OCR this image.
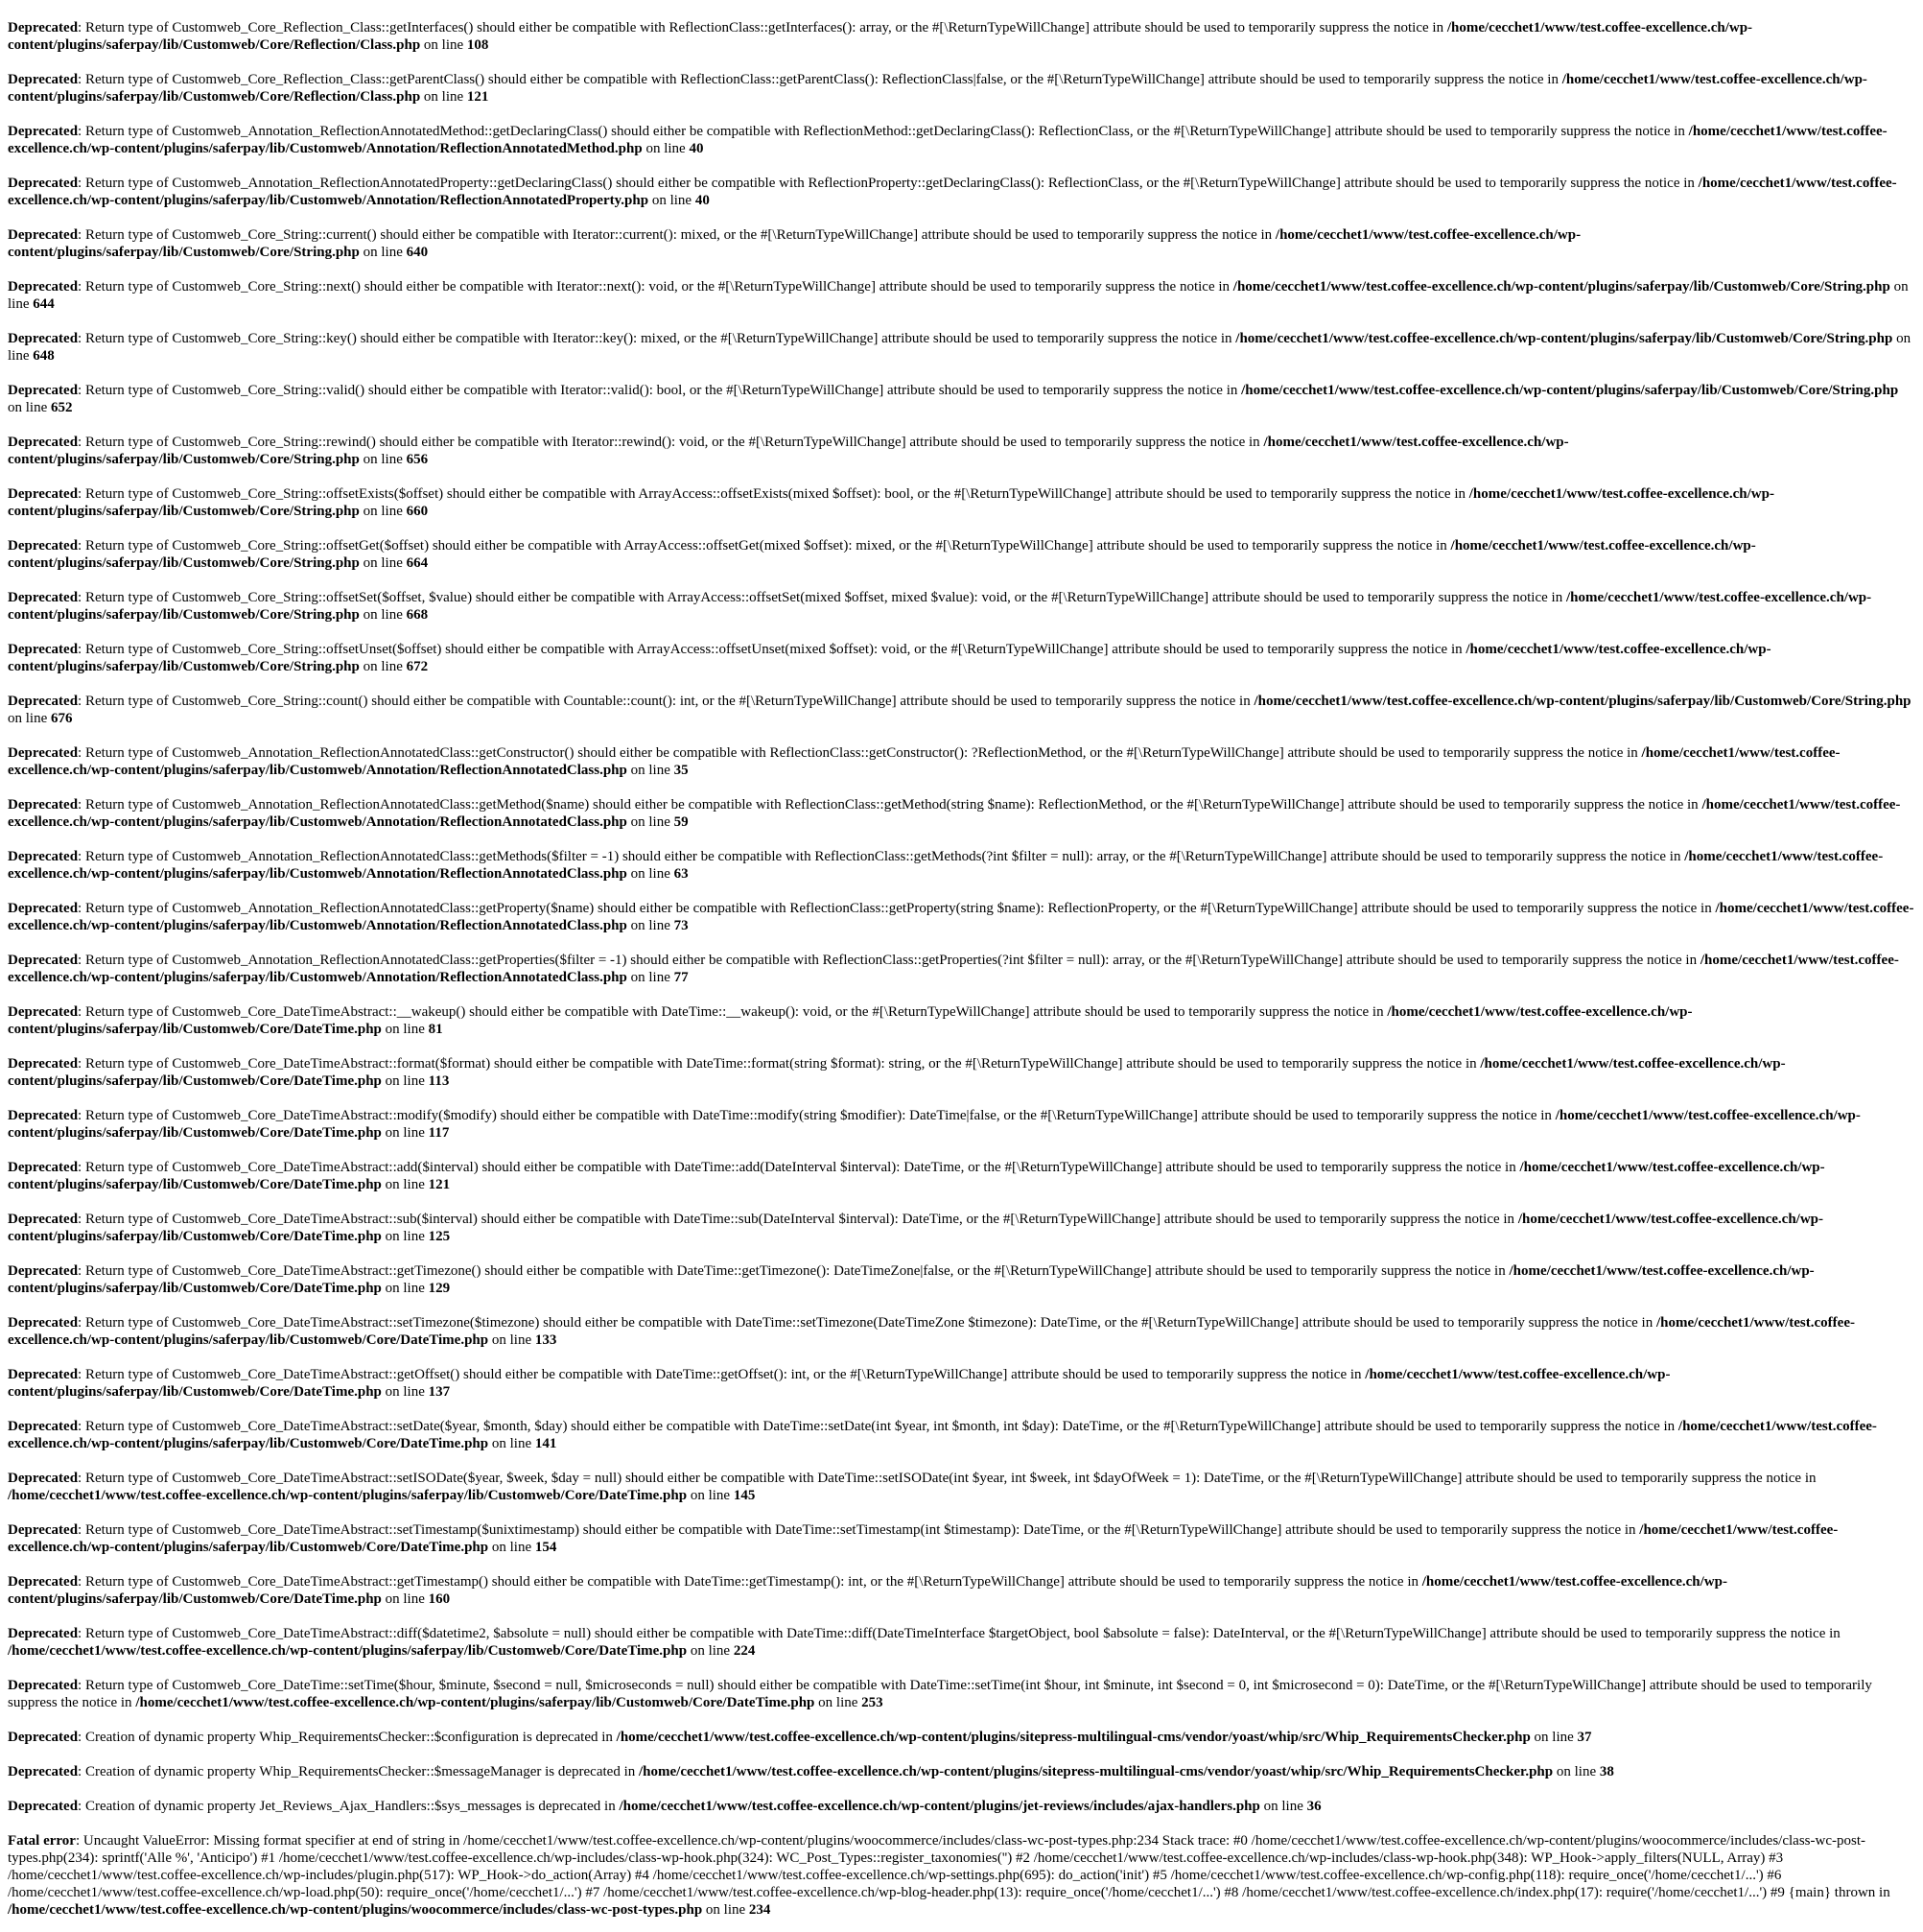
Deprecated: Return type of Customweb_Core_Reflection_Class::getInterfaces() should either be compatible with ReflectionClass::getInterfaces(): array, or the #[\ReturnTypeWillChange] attribute should be used to temporarily suppress the notice in /home/cecchet1/www/test.coffee-excellence.ch/wp-content/plugins/saferpay/lib/Customweb/Core/Reflection/Class.php on line 108
Deprecated: Return type of Customweb_Core_Reflection_Class::getParentClass() should either be compatible with ReflectionClass::getParentClass(): ReflectionClass|false, or the #[\ReturnTypeWillChange] attribute should be used to temporarily suppress the notice in /home/cecchet1/www/test.coffee-excellence.ch/wp-content/plugins/saferpay/lib/Customweb/Core/Reflection/Class.php on line 121
Deprecated: Return type of Customweb_Annotation_ReflectionAnnotatedMethod::getDeclaringClass() should either be compatible with ReflectionMethod::getDeclaringClass(): ReflectionClass, or the #[\ReturnTypeWillChange] attribute should be used to temporarily suppress the notice in /home/cecchet1/www/test.coffee-excellence.ch/wp-content/plugins/saferpay/lib/Customweb/Annotation/ReflectionAnnotatedMethod.php on line 40
Deprecated: Return type of Customweb_Annotation_ReflectionAnnotatedProperty::getDeclaringClass() should either be compatible with ReflectionProperty::getDeclaringClass(): ReflectionClass, or the #[\ReturnTypeWillChange] attribute should be used to temporarily suppress the notice in /home/cecchet1/www/test.coffee-excellence.ch/wp-content/plugins/saferpay/lib/Customweb/Annotation/ReflectionAnnotatedProperty.php on line 40
Deprecated: Return type of Customweb_Core_String::current() should either be compatible with Iterator::current(): mixed, or the #[\ReturnTypeWillChange] attribute should be used to temporarily suppress the notice in /home/cecchet1/www/test.coffee-excellence.ch/wp-content/plugins/saferpay/lib/Customweb/Core/String.php on line 640
Deprecated: Return type of Customweb_Core_String::next() should either be compatible with Iterator::next(): void, or the #[\ReturnTypeWillChange] attribute should be used to temporarily suppress the notice in /home/cecchet1/www/test.coffee-excellence.ch/wp-content/plugins/saferpay/lib/Customweb/Core/String.php on line 644
Deprecated: Return type of Customweb_Core_String::key() should either be compatible with Iterator::key(): mixed, or the #[\ReturnTypeWillChange] attribute should be used to temporarily suppress the notice in /home/cecchet1/www/test.coffee-excellence.ch/wp-content/plugins/saferpay/lib/Customweb/Core/String.php on line 648
Deprecated: Return type of Customweb_Core_String::valid() should either be compatible with Iterator::valid(): bool, or the #[\ReturnTypeWillChange] attribute should be used to temporarily suppress the notice in /home/cecchet1/www/test.coffee-excellence.ch/wp-content/plugins/saferpay/lib/Customweb/Core/String.php on line 652
Deprecated: Return type of Customweb_Core_String::rewind() should either be compatible with Iterator::rewind(): void, or the #[\ReturnTypeWillChange] attribute should be used to temporarily suppress the notice in /home/cecchet1/www/test.coffee-excellence.ch/wp-content/plugins/saferpay/lib/Customweb/Core/String.php on line 656
Deprecated: Return type of Customweb_Core_String::offsetExists($offset) should either be compatible with ArrayAccess::offsetExists(mixed $offset): bool, or the #[\ReturnTypeWillChange] attribute should be used to temporarily suppress the notice in /home/cecchet1/www/test.coffee-excellence.ch/wp-content/plugins/saferpay/lib/Customweb/Core/String.php on line 660
Deprecated: Return type of Customweb_Core_String::offsetGet($offset) should either be compatible with ArrayAccess::offsetGet(mixed $offset): mixed, or the #[\ReturnTypeWillChange] attribute should be used to temporarily suppress the notice in /home/cecchet1/www/test.coffee-excellence.ch/wp-content/plugins/saferpay/lib/Customweb/Core/String.php on line 664
Deprecated: Return type of Customweb_Core_String::offsetSet($offset, $value) should either be compatible with ArrayAccess::offsetSet(mixed $offset, mixed $value): void, or the #[\ReturnTypeWillChange] attribute should be used to temporarily suppress the notice in /home/cecchet1/www/test.coffee-excellence.ch/wp-content/plugins/saferpay/lib/Customweb/Core/String.php on line 668
Deprecated: Return type of Customweb_Core_String::offsetUnset($offset) should either be compatible with ArrayAccess::offsetUnset(mixed $offset): void, or the #[\ReturnTypeWillChange] attribute should be used to temporarily suppress the notice in /home/cecchet1/www/test.coffee-excellence.ch/wp-content/plugins/saferpay/lib/Customweb/Core/String.php on line 672
Deprecated: Return type of Customweb_Core_String::count() should either be compatible with Countable::count(): int, or the #[\ReturnTypeWillChange] attribute should be used to temporarily suppress the notice in /home/cecchet1/www/test.coffee-excellence.ch/wp-content/plugins/saferpay/lib/Customweb/Core/String.php on line 676
Deprecated: Return type of Customweb_Annotation_ReflectionAnnotatedClass::getConstructor() should either be compatible with ReflectionClass::getConstructor(): ?ReflectionMethod, or the #[\ReturnTypeWillChange] attribute should be used to temporarily suppress the notice in /home/cecchet1/www/test.coffee-excellence.ch/wp-content/plugins/saferpay/lib/Customweb/Annotation/ReflectionAnnotatedClass.php on line 35
Deprecated: Return type of Customweb_Annotation_ReflectionAnnotatedClass::getMethod($name) should either be compatible with ReflectionClass::getMethod(string $name): ReflectionMethod, or the #[\ReturnTypeWillChange] attribute should be used to temporarily suppress the notice in /home/cecchet1/www/test.coffee-excellence.ch/wp-content/plugins/saferpay/lib/Customweb/Annotation/ReflectionAnnotatedClass.php on line 59
Deprecated: Return type of Customweb_Annotation_ReflectionAnnotatedClass::getMethods($filter = -1) should either be compatible with ReflectionClass::getMethods(?int $filter = null): array, or the #[\ReturnTypeWillChange] attribute should be used to temporarily suppress the notice in /home/cecchet1/www/test.coffee-excellence.ch/wp-content/plugins/saferpay/lib/Customweb/Annotation/ReflectionAnnotatedClass.php on line 63
Deprecated: Return type of Customweb_Annotation_ReflectionAnnotatedClass::getProperty($name) should either be compatible with ReflectionClass::getProperty(string $name): ReflectionProperty, or the #[\ReturnTypeWillChange] attribute should be used to temporarily suppress the notice in /home/cecchet1/www/test.coffee-excellence.ch/wp-content/plugins/saferpay/lib/Customweb/Annotation/ReflectionAnnotatedClass.php on line 73
Deprecated: Return type of Customweb_Annotation_ReflectionAnnotatedClass::getProperties($filter = -1) should either be compatible with ReflectionClass::getProperties(?int $filter = null): array, or the #[\ReturnTypeWillChange] attribute should be used to temporarily suppress the notice in /home/cecchet1/www/test.coffee-excellence.ch/wp-content/plugins/saferpay/lib/Customweb/Annotation/ReflectionAnnotatedClass.php on line 77
Deprecated: Return type of Customweb_Core_DateTimeAbstract::__wakeup() should either be compatible with DateTime::__wakeup(): void, or the #[\ReturnTypeWillChange] attribute should be used to temporarily suppress the notice in /home/cecchet1/www/test.coffee-excellence.ch/wp-content/plugins/saferpay/lib/Customweb/Core/DateTime.php on line 81
Deprecated: Return type of Customweb_Core_DateTimeAbstract::format($format) should either be compatible with DateTime::format(string $format): string, or the #[\ReturnTypeWillChange] attribute should be used to temporarily suppress the notice in /home/cecchet1/www/test.coffee-excellence.ch/wp-content/plugins/saferpay/lib/Customweb/Core/DateTime.php on line 113
Deprecated: Return type of Customweb_Core_DateTimeAbstract::modify($modify) should either be compatible with DateTime::modify(string $modifier): DateTime|false, or the #[\ReturnTypeWillChange] attribute should be used to temporarily suppress the notice in /home/cecchet1/www/test.coffee-excellence.ch/wp-content/plugins/saferpay/lib/Customweb/Core/DateTime.php on line 117
Deprecated: Return type of Customweb_Core_DateTimeAbstract::add($interval) should either be compatible with DateTime::add(DateInterval $interval): DateTime, or the #[\ReturnTypeWillChange] attribute should be used to temporarily suppress the notice in /home/cecchet1/www/test.coffee-excellence.ch/wp-content/plugins/saferpay/lib/Customweb/Core/DateTime.php on line 121
Deprecated: Return type of Customweb_Core_DateTimeAbstract::sub($interval) should either be compatible with DateTime::sub(DateInterval $interval): DateTime, or the #[\ReturnTypeWillChange] attribute should be used to temporarily suppress the notice in /home/cecchet1/www/test.coffee-excellence.ch/wp-content/plugins/saferpay/lib/Customweb/Core/DateTime.php on line 125
Deprecated: Return type of Customweb_Core_DateTimeAbstract::getTimezone() should either be compatible with DateTime::getTimezone(): DateTimeZone|false, or the #[\ReturnTypeWillChange] attribute should be used to temporarily suppress the notice in /home/cecchet1/www/test.coffee-excellence.ch/wp-content/plugins/saferpay/lib/Customweb/Core/DateTime.php on line 129
Deprecated: Return type of Customweb_Core_DateTimeAbstract::setTimezone($timezone) should either be compatible with DateTime::setTimezone(DateTimeZone $timezone): DateTime, or the #[\ReturnTypeWillChange] attribute should be used to temporarily suppress the notice in /home/cecchet1/www/test.coffee-excellence.ch/wp-content/plugins/saferpay/lib/Customweb/Core/DateTime.php on line 133
Deprecated: Return type of Customweb_Core_DateTimeAbstract::getOffset() should either be compatible with DateTime::getOffset(): int, or the #[\ReturnTypeWillChange] attribute should be used to temporarily suppress the notice in /home/cecchet1/www/test.coffee-excellence.ch/wp-content/plugins/saferpay/lib/Customweb/Core/DateTime.php on line 137
Deprecated: Return type of Customweb_Core_DateTimeAbstract::setDate($year, $month, $day) should either be compatible with DateTime::setDate(int $year, int $month, int $day): DateTime, or the #[\ReturnTypeWillChange] attribute should be used to temporarily suppress the notice in /home/cecchet1/www/test.coffee-excellence.ch/wp-content/plugins/saferpay/lib/Customweb/Core/DateTime.php on line 141
Deprecated: Return type of Customweb_Core_DateTimeAbstract::setISODate($year, $week, $day = null) should either be compatible with DateTime::setISODate(int $year, int $week, int $dayOfWeek = 1): DateTime, or the #[\ReturnTypeWillChange] attribute should be used to temporarily suppress the notice in /home/cecchet1/www/test.coffee-excellence.ch/wp-content/plugins/saferpay/lib/Customweb/Core/DateTime.php on line 145
Deprecated: Return type of Customweb_Core_DateTimeAbstract::setTimestamp($unixtimestamp) should either be compatible with DateTime::setTimestamp(int $timestamp): DateTime, or the #[\ReturnTypeWillChange] attribute should be used to temporarily suppress the notice in /home/cecchet1/www/test.coffee-excellence.ch/wp-content/plugins/saferpay/lib/Customweb/Core/DateTime.php on line 154
Deprecated: Return type of Customweb_Core_DateTimeAbstract::getTimestamp() should either be compatible with DateTime::getTimestamp(): int, or the #[\ReturnTypeWillChange] attribute should be used to temporarily suppress the notice in /home/cecchet1/www/test.coffee-excellence.ch/wp-content/plugins/saferpay/lib/Customweb/Core/DateTime.php on line 160
Deprecated: Return type of Customweb_Core_DateTimeAbstract::diff($datetime2, $absolute = null) should either be compatible with DateTime::diff(DateTimeInterface $targetObject, bool $absolute = false): DateInterval, or the #[\ReturnTypeWillChange] attribute should be used to temporarily suppress the notice in /home/cecchet1/www/test.coffee-excellence.ch/wp-content/plugins/saferpay/lib/Customweb/Core/DateTime.php on line 224
Deprecated: Return type of Customweb_Core_DateTime::setTime($hour, $minute, $second = null, $microseconds = null) should either be compatible with DateTime::setTime(int $hour, int $minute, int $second = 0, int $microsecond = 0): DateTime, or the #[\ReturnTypeWillChange] attribute should be used to temporarily suppress the notice in /home/cecchet1/www/test.coffee-excellence.ch/wp-content/plugins/saferpay/lib/Customweb/Core/DateTime.php on line 253
Deprecated: Creation of dynamic property Whip_RequirementsChecker::$configuration is deprecated in /home/cecchet1/www/test.coffee-excellence.ch/wp-content/plugins/sitepress-multilingual-cms/vendor/yoast/whip/src/Whip_RequirementsChecker.php on line 37
Deprecated: Creation of dynamic property Whip_RequirementsChecker::$messageManager is deprecated in /home/cecchet1/www/test.coffee-excellence.ch/wp-content/plugins/sitepress-multilingual-cms/vendor/yoast/whip/src/Whip_RequirementsChecker.php on line 38
Deprecated: Creation of dynamic property Jet_Reviews_Ajax_Handlers::$sys_messages is deprecated in /home/cecchet1/www/test.coffee-excellence.ch/wp-content/plugins/jet-reviews/includes/ajax-handlers.php on line 36
Fatal error: Uncaught ValueError: Missing format specifier at end of string in /home/cecchet1/www/test.coffee-excellence.ch/wp-content/plugins/woocommerce/includes/class-wc-post-types.php:234 Stack trace: #0 /home/cecchet1/www/test.coffee-excellence.ch/wp-content/plugins/woocommerce/includes/class-wc-post-types.php(234): sprintf('Alle %', 'Anticipo') #1 /home/cecchet1/www/test.coffee-excellence.ch/wp-includes/class-wp-hook.php(324): WC_Post_Types::register_taxonomies('') #2 /home/cecchet1/www/test.coffee-excellence.ch/wp-includes/class-wp-hook.php(348): WP_Hook->apply_filters(NULL, Array) #3 /home/cecchet1/www/test.coffee-excellence.ch/wp-includes/plugin.php(517): WP_Hook->do_action(Array) #4 /home/cecchet1/www/test.coffee-excellence.ch/wp-settings.php(695): do_action('init') #5 /home/cecchet1/www/test.coffee-excellence.ch/wp-config.php(118): require_once('/home/cecchet1/...') #6 /home/cecchet1/www/test.coffee-excellence.ch/wp-load.php(50): require_once('/home/cecchet1/...') #7 /home/cecchet1/www/test.coffee-excellence.ch/wp-blog-header.php(13): require_once('/home/cecchet1/...') #8 /home/cecchet1/www/test.coffee-excellence.ch/index.php(17): require('/home/cecchet1/...') #9 {main} thrown in /home/cecchet1/www/test.coffee-excellence.ch/wp-content/plugins/woocommerce/includes/class-wc-post-types.php on line 234
